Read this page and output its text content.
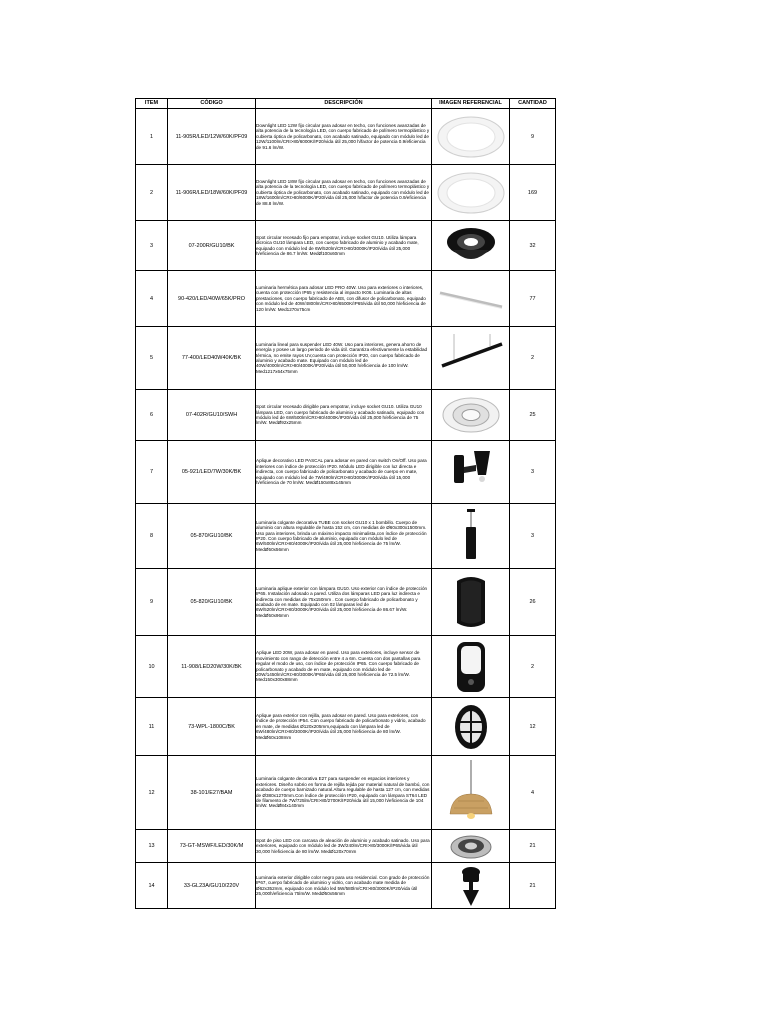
ITEM	CÓDIGO	DESCRIPCIÓN	IMAGEN REFERENCIAL	CANTIDAD
1	11-905R/LED/12W/60K/PF09	Downlight LED 12W fijo circular para adosar en techo, con funciones avanzadas de alta potencia de la tecnología LED, con cuerpo fabricado de polímero termoplástico y cubierta óptica de policarbonato, con acabado satinado, equipado con módulo led de 12W/1100lm/CRI>80/6000K/IP20/vida útil 25,000 h/factor de potencia 0.9/eficiencia de 91.6 lm/W.		9
2	11-906R/LED/18W/60K/PF09	Downlight LED 18W fijo circular para adosar en techo, con funciones avanzadas de alta potencia de la tecnología LED, con cuerpo fabricado de polímero termoplástico y cubierta óptica de policarbonato, con acabado satinado, equipado con módulo led de 18W/1600lm/CRI>80/6000K/IP20/vida útil 25,000 h/factor de potencia 0.9/eficiencia de 88.8 lm/W.		169
3	07-200R/GU10/BK	Spot circular recesado fijo para empotrar, incluye socket GU10. Utiliza lámpara dicroica GU10 lámpara LED, con cuerpo fabricado de aluminio y acabado mate, equipado con módulo led de 6W/520lm/CRI>80/3000K/IP20/vida útil 25,000 h/eficiencia de 86.7 lm/W. MedØ100x60mm		32
4	90-420/LED/40W/65K/PRO	Luminaria hermética para adosar LED PRO 40W. Uso para exteriores o interiores, cuenta con protección IP65 y resistencia al impacto IK06. Luminaria de altas prestaciones, con cuerpo fabricado de ABS, con difusor de policarbonato, equipado con módulo led de 40W/4800lm/CRI>80/6500K/IP65/vida útil 50,000 h/eficiencia de 120 lm/W. Med1270x75cm		77
5	77-400/LED40W40K/BK	Luminaria lineal para suspender LED 40W. Uso para interiores, genera ahorro de energía y posee un largo periodo de vida útil. Garantiza efectivamente la estabilidad térmica, no emite rayos UV,cuenta con protección IP20, con cuerpo fabricado de aluminio y acabado mate. Equipado con módulo led de 40W/4000lm/CRI>80/4000K/IP20/vida útil 50,000 h/eficiencia de 100 lm/W. Med1217x64x75mm		2
6	07-402R/GU10/SWH	Spot circular recesado dirigible para empotrar, incluye socket GU10. Utiliza GU10 lámpara LED, con cuerpo fabricado de aluminio y acabado satinado, equipado con módulo led de 6W/500lm/CRI>80/4000K/IP20/vida útil 25,000 h/eficiencia de 75 lm/W. MedØ92x25mm		25
7	05-921/LED/7W/30K/BK	Aplique decorativo LED PASCAL para adosar en pared con switch On/Off. Uso para interiores con índice de protección IP20. Módulo LED dirigible con luz directa e indirecta, con cuerpo fabricado de policarbonato y acabado de cuerpo en mate, equipado con módulo led de 7W/490lm/CRI>80/3000K/IP20/vida útil 15,000 h/eficiencia de 70 lm/W. MedØ150x88x145mm		3
8	05-870/GU10/BK	Luminaria colgante decorativa TUBE con socket GU10 x 1 bombillo. Cuerpo de aluminio con altura regulable de hasta 152 cm, con medidas de Ø60x300x1500mm. Uso para interiores, brinda un máximo impacto minimalista,con índice de protección IP20. Con cuerpo fabricado de aluminio, equipado con módulo led de 6W/500lm/CRI>80/4000K/IP20/vida útil 25,000 h/eficiencia de 75 lm/W. MedØ50x56mm		3
9	05-820/GU10/BK	Luminaria aplique exterior con lámpara GU10. Uso exterior con índice de protección IP65. Instalación adosado a pared. Utiliza dos lámparas LED para luz indirecta e indirecta con medidas de 75x150mm . Con cuerpo fabricado de policarbonato y acabado de en mate. Equipado con 02 lámparas led de 6W/520lm/CRI>80/3000K/IP20/vida útil 25,000 h/eficiencia de 86.67 lm/W. MedØ50x96mm		26
10	11-908/LED20W/30K/BK	Aplique LED 20W, para adosar en pared. Uso para exteriores, incluye sensor de movimiento con rango de detección entre 4 a 6m. Cuenta con dos pantallas para regular el modo de uso, con índice de protección IP65. Con cuerpo fabricado de policarbonato y acabado de en mate, equipado con módulo led de 20W/1450lm/CRI>80/3000K/IP65/vida útil 25,000 h/eficiencia de 72.5 lm/W. Med150x300x88mm		2
11	73-WPL-1800C/BK	Aplique para exterior con rejilla, para adosar en pared. Uso para exteriores, con índice de protección IP54. Con cuerpo fabricado de policarbonato y vidrio, acabado en mate, de medidas Ø120x205mm,equipado con lámpara led de 6W/480lm/CRI>80/3000K/IP20/vida útil 25,000 h/eficiencia de 80 lm/W. MedØ60x108mm		12
12	38-101/E27/BAM	Luminaria colgante decorativa E27 para suspender en espacios interiores y exteriores. Diseño sobrio en forma de rejilla tejida por material natural de bambú, con acabado de cuerpo barnizado natural.Altura regulable de hasta 127 cm, con medidas de Ø380x1270mm.Con índice de protección IP20, equipado con lámpara ST64 LED de filamento de 7W/725lm/CRI>80/2700K/IP20/vida útil 15,000 h/eficiencia de 104 lm/W. MedØ84x140mm		4
13	73-GT-MSWF/LED/30K/M	Spot de piso LED con carcasa de aleación de aluminio y acabado satinado. Uso para exteriores, equipado con módulo led de 3W/240lm/CRI>80/3000K/IP65/vida útil 30,000 h/eficiencia de 80 lm/W. MedØ120x70mm		21
14	33-GL23A/GU10/220V	Luminaria exterior dirigible color negro para uso residencial. Con grado de protección IP67, cuerpo fabricado de aluminio y vidrio, con acabado mate medida de Ø62x352mm, equipado con módulo led 5W/580lm/CRI>80/3000K/IP20/vida útil 25,000h/eficiencia 75lm/W. MedØ50x56mm		21
